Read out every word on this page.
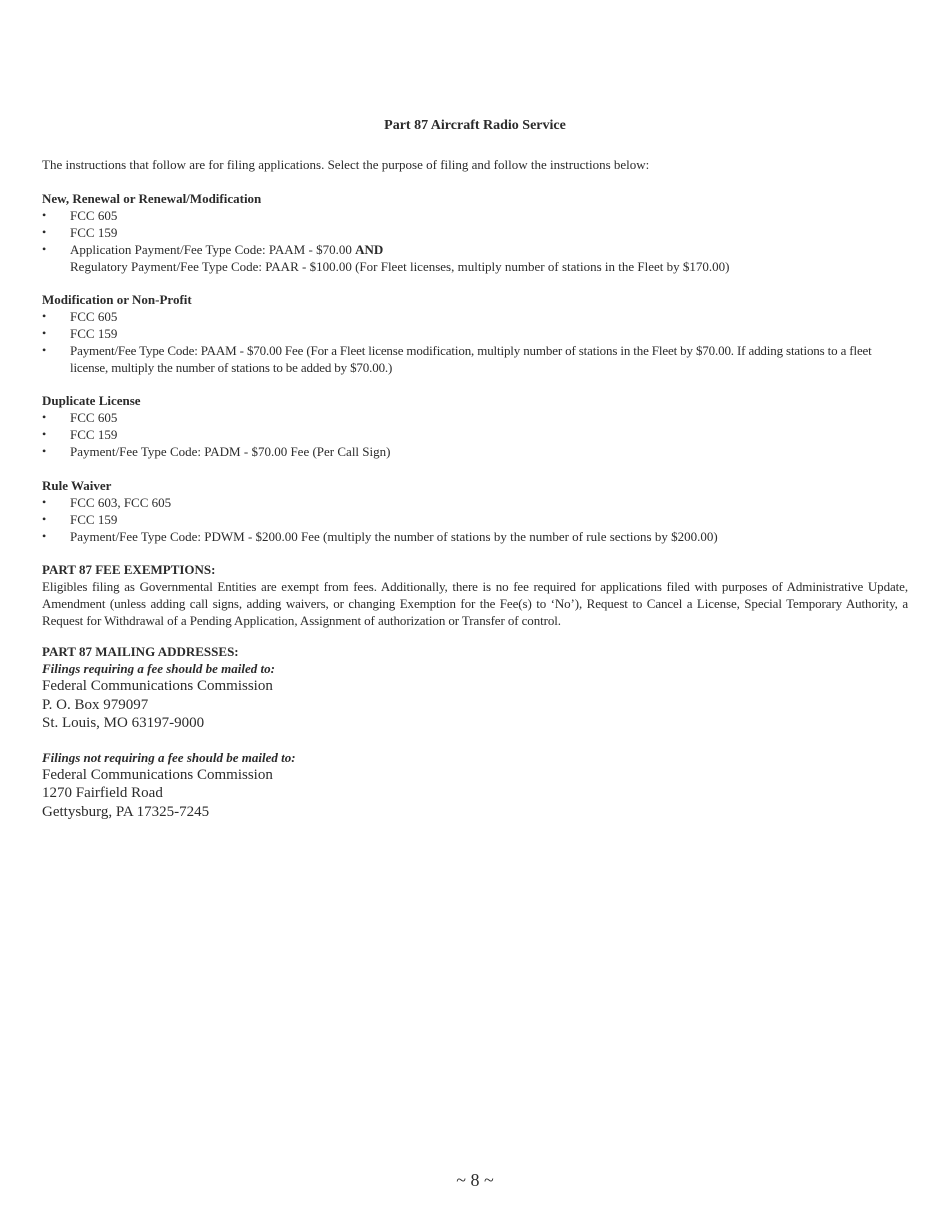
Part 87 Aircraft Radio Service
The instructions that follow are for filing applications. Select the purpose of filing and follow the instructions below:
New, Renewal or Renewal/Modification
• FCC 605
• FCC 159
• Application Payment/Fee Type Code: PAAM - $70.00 AND
Regulatory Payment/Fee Type Code: PAAR - $100.00 (For Fleet licenses, multiply number of stations in the Fleet by $170.00)
Modification or Non-Profit
• FCC 605
• FCC 159
• Payment/Fee Type Code: PAAM - $70.00 Fee (For a Fleet license modification, multiply number of stations in the Fleet by $70.00. If adding stations to a fleet license, multiply the number of stations to be added by $70.00.)
Duplicate License
• FCC 605
• FCC 159
• Payment/Fee Type Code: PADM - $70.00 Fee (Per Call Sign)
Rule Waiver
• FCC 603, FCC 605
• FCC 159
• Payment/Fee Type Code: PDWM - $200.00 Fee (multiply the number of stations by the number of rule sections by $200.00)
PART 87 FEE EXEMPTIONS:
Eligibles filing as Governmental Entities are exempt from fees. Additionally, there is no fee required for applications filed with purposes of Administrative Update, Amendment (unless adding call signs, adding waivers, or changing Exemption for the Fee(s) to ‘No’), Request to Cancel a License, Special Temporary Authority, a Request for Withdrawal of a Pending Application, Assignment of authorization or Transfer of control.
PART 87 MAILING ADDRESSES:
Filings requiring a fee should be mailed to:
Federal Communications Commission
P. O. Box 979097
St. Louis, MO 63197-9000
Filings not requiring a fee should be mailed to:
Federal Communications Commission
1270 Fairfield Road
Gettysburg, PA 17325-7245
~ 8 ~
